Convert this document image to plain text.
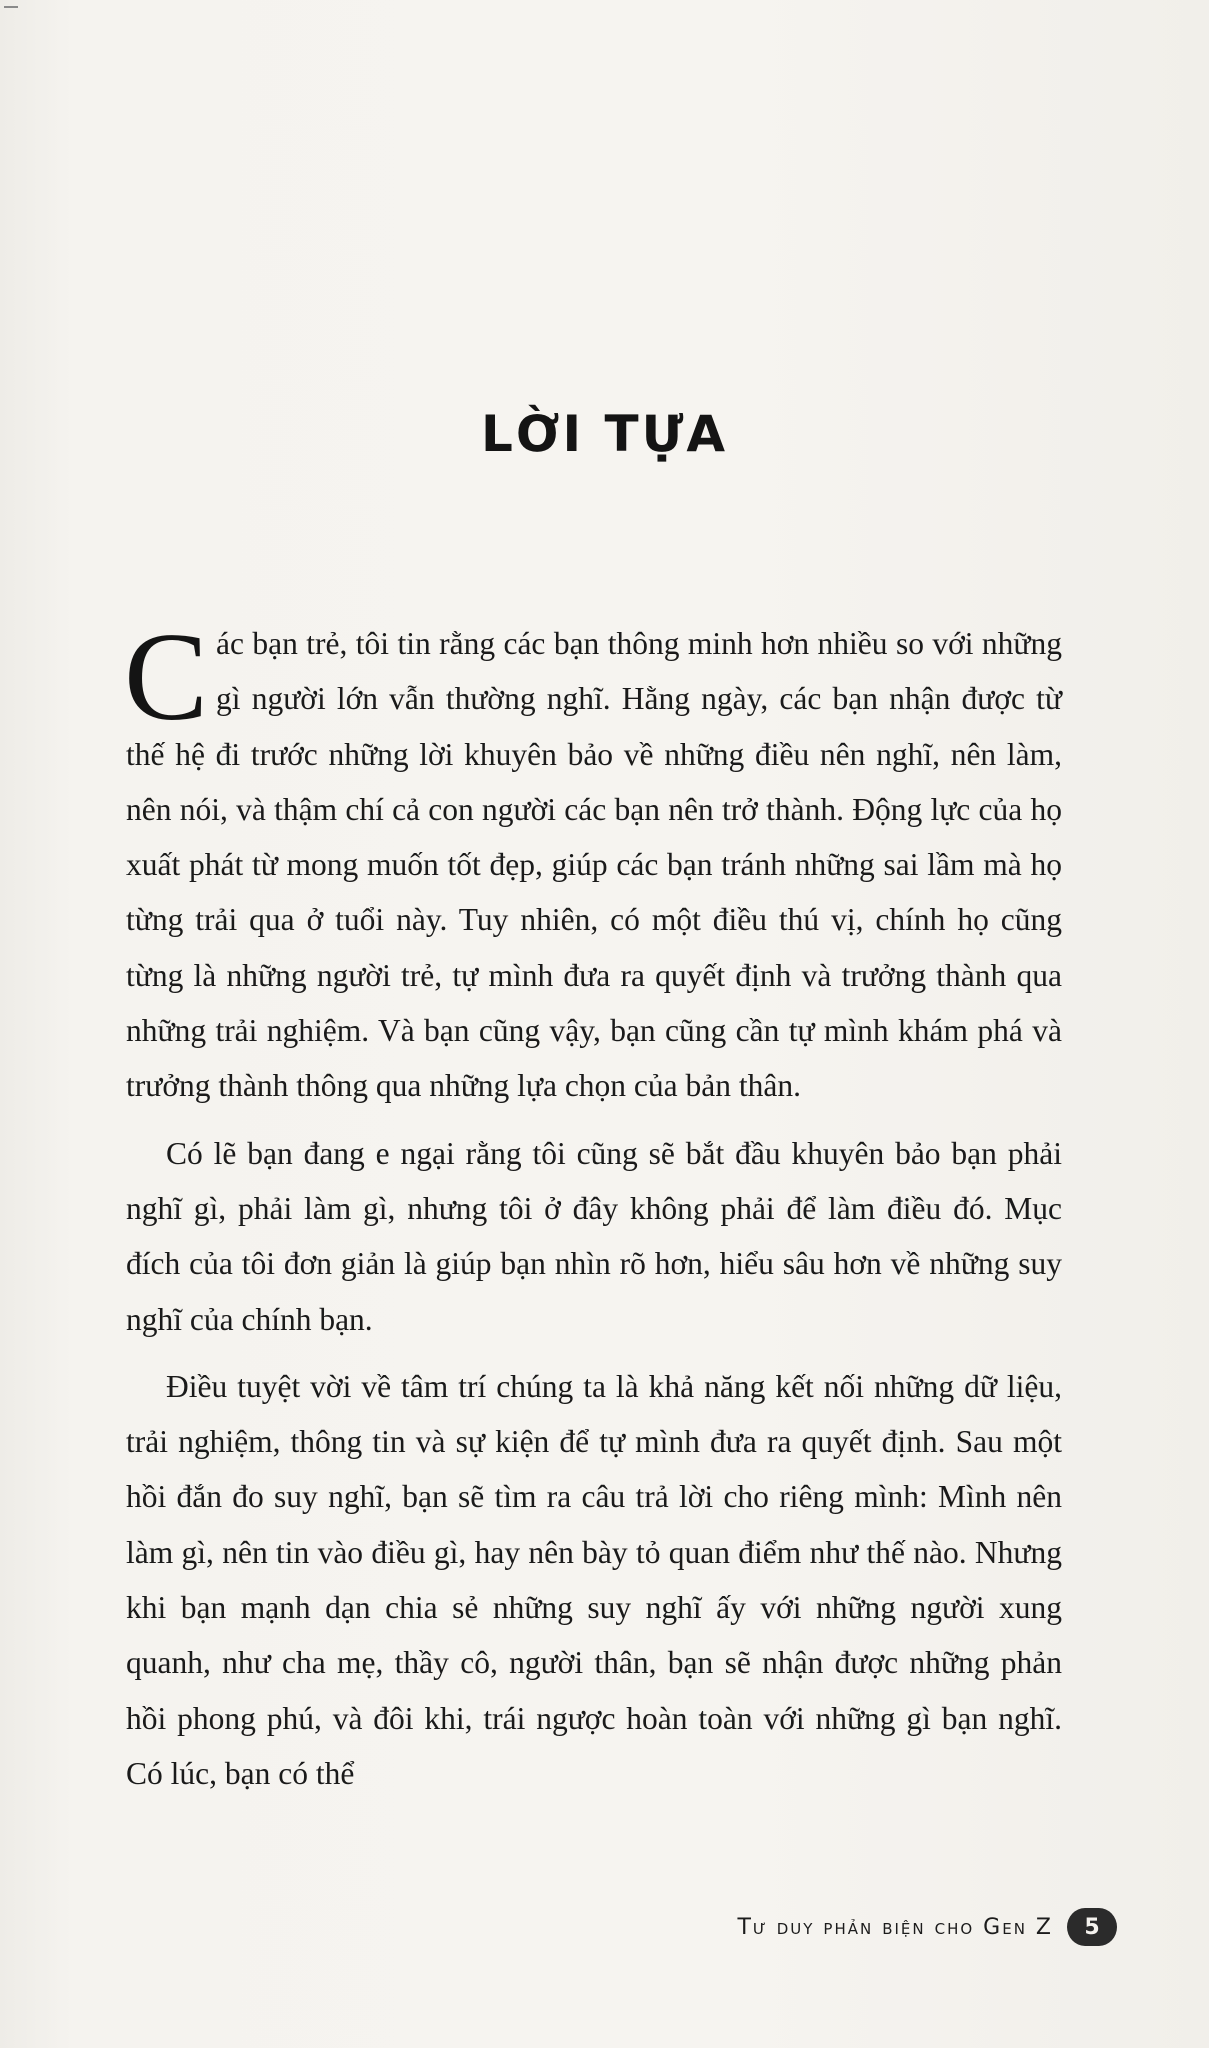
LỜI TỰA

Các bạn trẻ, tôi tin rằng các bạn thông minh hơn nhiều so với những gì người lớn vẫn thường nghĩ. Hằng ngày, các bạn nhận được từ thế hệ đi trước những lời khuyên bảo về những điều nên nghĩ, nên làm, nên nói, và thậm chí cả con người các bạn nên trở thành. Động lực của họ xuất phát từ mong muốn tốt đẹp, giúp các bạn tránh những sai lầm mà họ từng trải qua ở tuổi này. Tuy nhiên, có một điều thú vị, chính họ cũng từng là những người trẻ, tự mình đưa ra quyết định và trưởng thành qua những trải nghiệm. Và bạn cũng vậy, bạn cũng cần tự mình khám phá và trưởng thành thông qua những lựa chọn của bản thân.

Có lẽ bạn đang e ngại rằng tôi cũng sẽ bắt đầu khuyên bảo bạn phải nghĩ gì, phải làm gì, nhưng tôi ở đây không phải để làm điều đó. Mục đích của tôi đơn giản là giúp bạn nhìn rõ hơn, hiểu sâu hơn về những suy nghĩ của chính bạn.

Điều tuyệt vời về tâm trí chúng ta là khả năng kết nối những dữ liệu, trải nghiệm, thông tin và sự kiện để tự mình đưa ra quyết định. Sau một hồi đắn đo suy nghĩ, bạn sẽ tìm ra câu trả lời cho riêng mình: Mình nên làm gì, nên tin vào điều gì, hay nên bày tỏ quan điểm như thế nào. Nhưng khi bạn mạnh dạn chia sẻ những suy nghĩ ấy với những người xung quanh, như cha mẹ, thầy cô, người thân, bạn sẽ nhận được những phản hồi phong phú, và đôi khi, trái ngược hoàn toàn với những gì bạn nghĩ. Có lúc, bạn có thể

Tư duy phản biện cho Gen Z	5
